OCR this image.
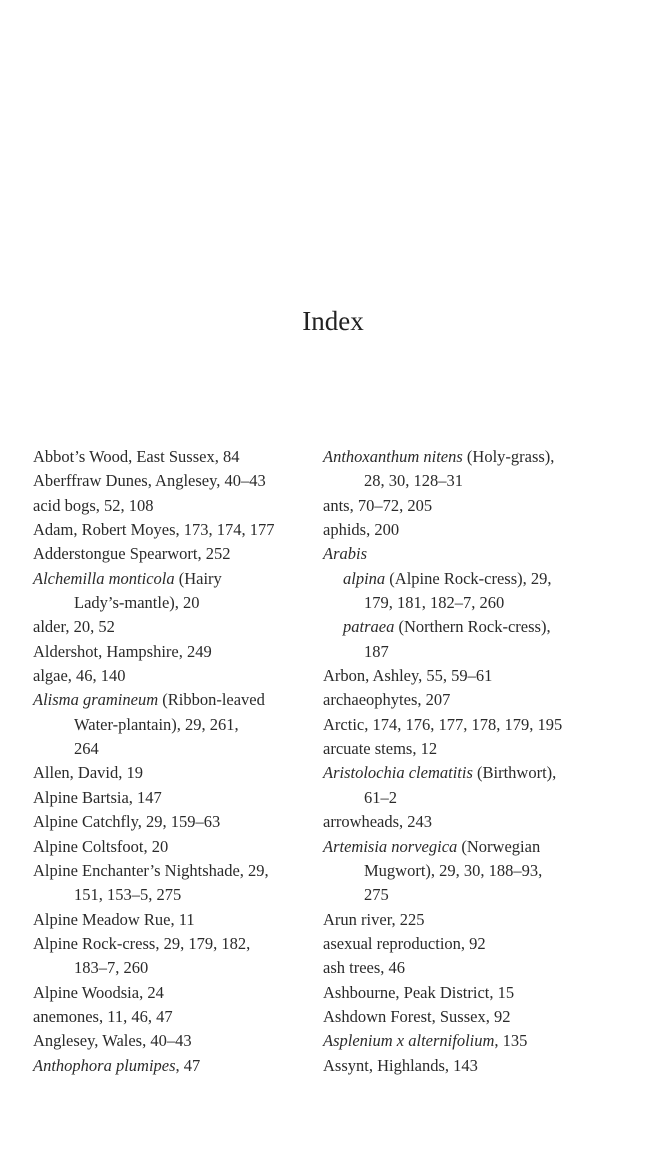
Index
Abbot’s Wood, East Sussex, 84
Aberffraw Dunes, Anglesey, 40–43
acid bogs, 52, 108
Adam, Robert Moyes, 173, 174, 177
Adderstongue Spearwort, 252
Alchemilla monticola (Hairy
Lady’s-mantle), 20
alder, 20, 52
Aldershot, Hampshire, 249
algae, 46, 140
Alisma gramineum (Ribbon-leaved
Water-plantain), 29, 261,
264
Allen, David, 19
Alpine Bartsia, 147
Alpine Catchfly, 29, 159–63
Alpine Coltsfoot, 20
Alpine Enchanter’s Nightshade, 29,
151, 153–5, 275
Alpine Meadow Rue, 11
Alpine Rock-cress, 29, 179, 182,
183–7, 260
Alpine Woodsia, 24
anemones, 11, 46, 47
Anglesey, Wales, 40–43
Anthophora plumipes, 47
Anthoxanthum nitens (Holy-grass),
28, 30, 128–31
ants, 70–72, 205
aphids, 200
Arabis
alpina (Alpine Rock-cress), 29,
179, 181, 182–7, 260
patraea (Northern Rock-cress),
187
Arbon, Ashley, 55, 59–61
archaeophytes, 207
Arctic, 174, 176, 177, 178, 179, 195
arcuate stems, 12
Aristolochia clematitis (Birthwort),
61–2
arrowheads, 243
Artemisia norvegica (Norwegian
Mugwort), 29, 30, 188–93,
275
Arun river, 225
asexual reproduction, 92
ash trees, 46
Ashbourne, Peak District, 15
Ashdown Forest, Sussex, 92
Asplenium x alternifolium, 135
Assynt, Highlands, 143
